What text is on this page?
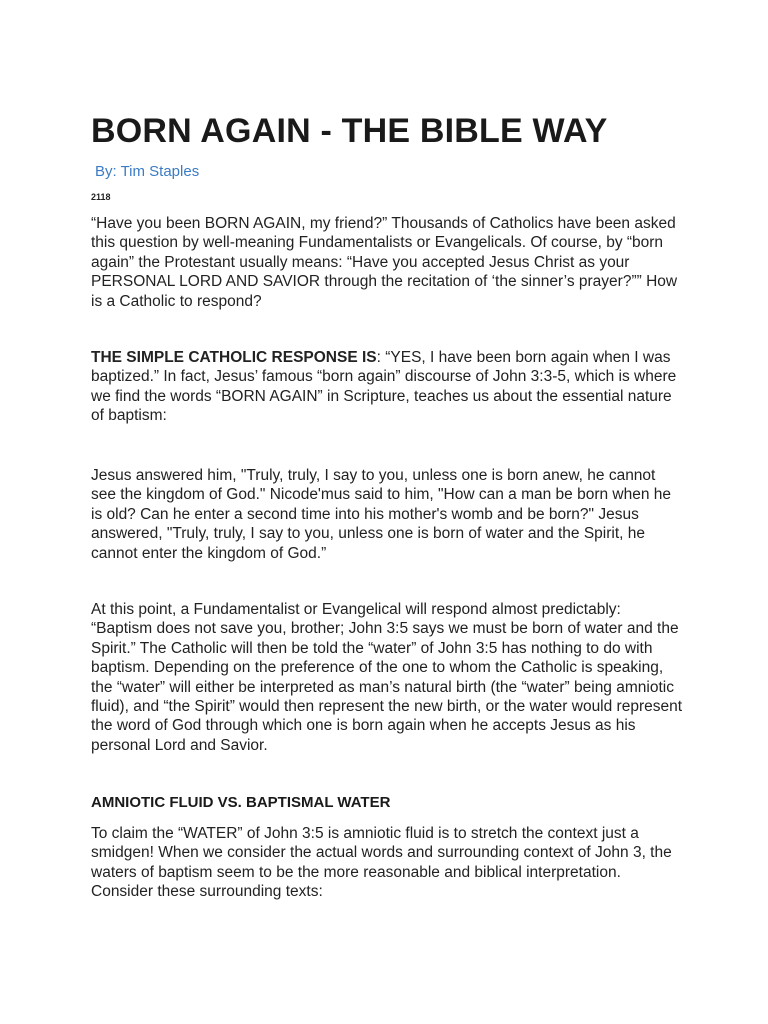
BORN AGAIN - THE BIBLE WAY
By: Tim Staples
2118

“Have you been BORN AGAIN, my friend?” Thousands of Catholics have been asked this question by well-meaning Fundamentalists or Evangelicals. Of course, by “born again” the Protestant usually means: “Have you accepted Jesus Christ as your PERSONAL LORD AND SAVIOR through the recitation of ‘the sinner’s prayer?”” How is a Catholic to respond?

THE SIMPLE CATHOLIC RESPONSE IS: “YES, I have been born again when I was baptized.” In fact, Jesus’ famous “born again” discourse of John 3:3-5, which is where we find the words “BORN AGAIN” in Scripture, teaches us about the essential nature of baptism:

Jesus answered him, "Truly, truly, I say to you, unless one is born anew, he cannot see the kingdom of God." Nicode'mus said to him, "How can a man be born when he is old? Can he enter a second time into his mother's womb and be born?" Jesus answered, "Truly, truly, I say to you, unless one is born of water and the Spirit, he cannot enter the kingdom of God.”

At this point, a Fundamentalist or Evangelical will respond almost predictably: “Baptism does not save you, brother; John 3:5 says we must be born of water and the Spirit.” The Catholic will then be told the “water” of John 3:5 has nothing to do with baptism. Depending on the preference of the one to whom the Catholic is speaking, the “water” will either be interpreted as man’s natural birth (the “water” being amniotic fluid), and “the Spirit” would then represent the new birth, or the water would represent the word of God through which one is born again when he accepts Jesus as his personal Lord and Savior.

AMNIOTIC FLUID VS. BAPTISMAL WATER

To claim the “WATER” of John 3:5 is amniotic fluid is to stretch the context just a smidgen! When we consider the actual words and surrounding context of John 3, the waters of baptism seem to be the more reasonable and biblical interpretation. Consider these surrounding texts:
